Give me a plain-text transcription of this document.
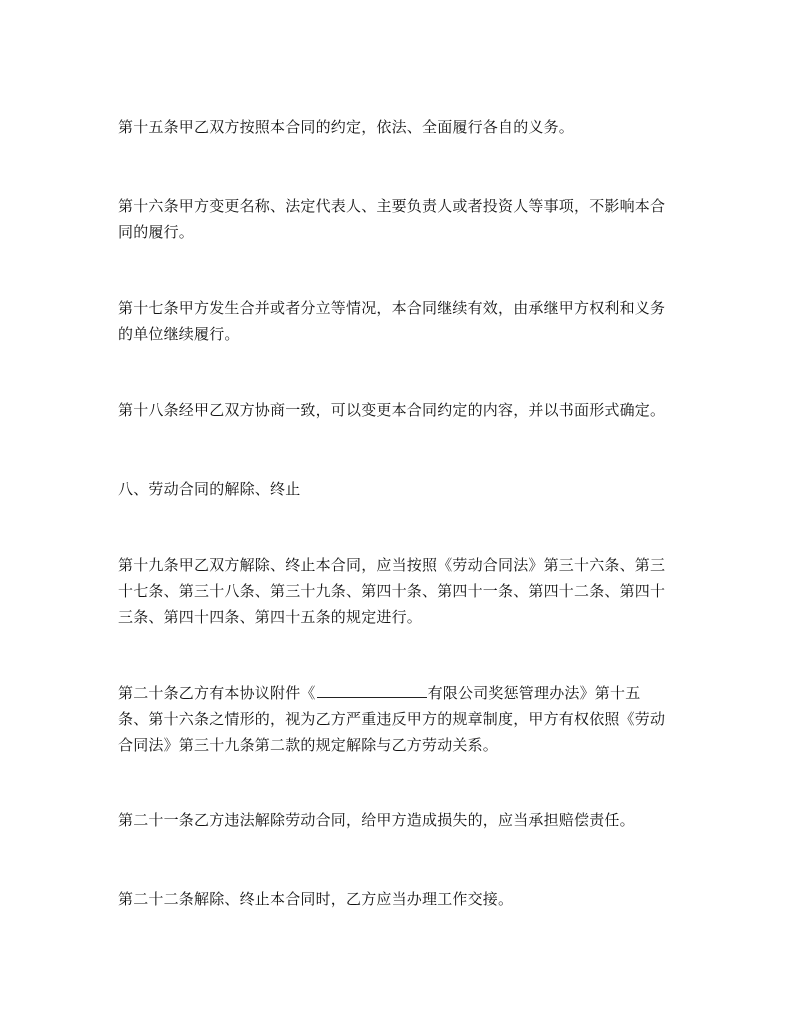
第十五条甲乙双方按照本合同的约定，依法、全面履行各自的义务。

第十六条甲方变更名称、法定代表人、主要负责人或者投资人等事项，不影响本合
同的履行。

第十七条甲方发生合并或者分立等情况，本合同继续有效，由承继甲方权利和义务
的单位继续履行。

第十八条经甲乙双方协商一致，可以变更本合同约定的内容，并以书面形式确定。

八、劳动合同的解除、终止

第十九条甲乙双方解除、终止本合同，应当按照《劳动合同法》第三十六条、第三
十七条、第三十八条、第三十九条、第四十条、第四十一条、第四十二条、第四十
三条、第四十四条、第四十五条的规定进行。

第二十条乙方有本协议附件《	有限公司奖惩管理办法》第十五
条、第十六条之情形的，视为乙方严重违反甲方的规章制度，甲方有权依照《劳动
合同法》第三十九条第二款的规定解除与乙方劳动关系。

第二十一条乙方违法解除劳动合同，给甲方造成损失的，应当承担赔偿责任。

第二十二条解除、终止本合同时，乙方应当办理工作交接。
